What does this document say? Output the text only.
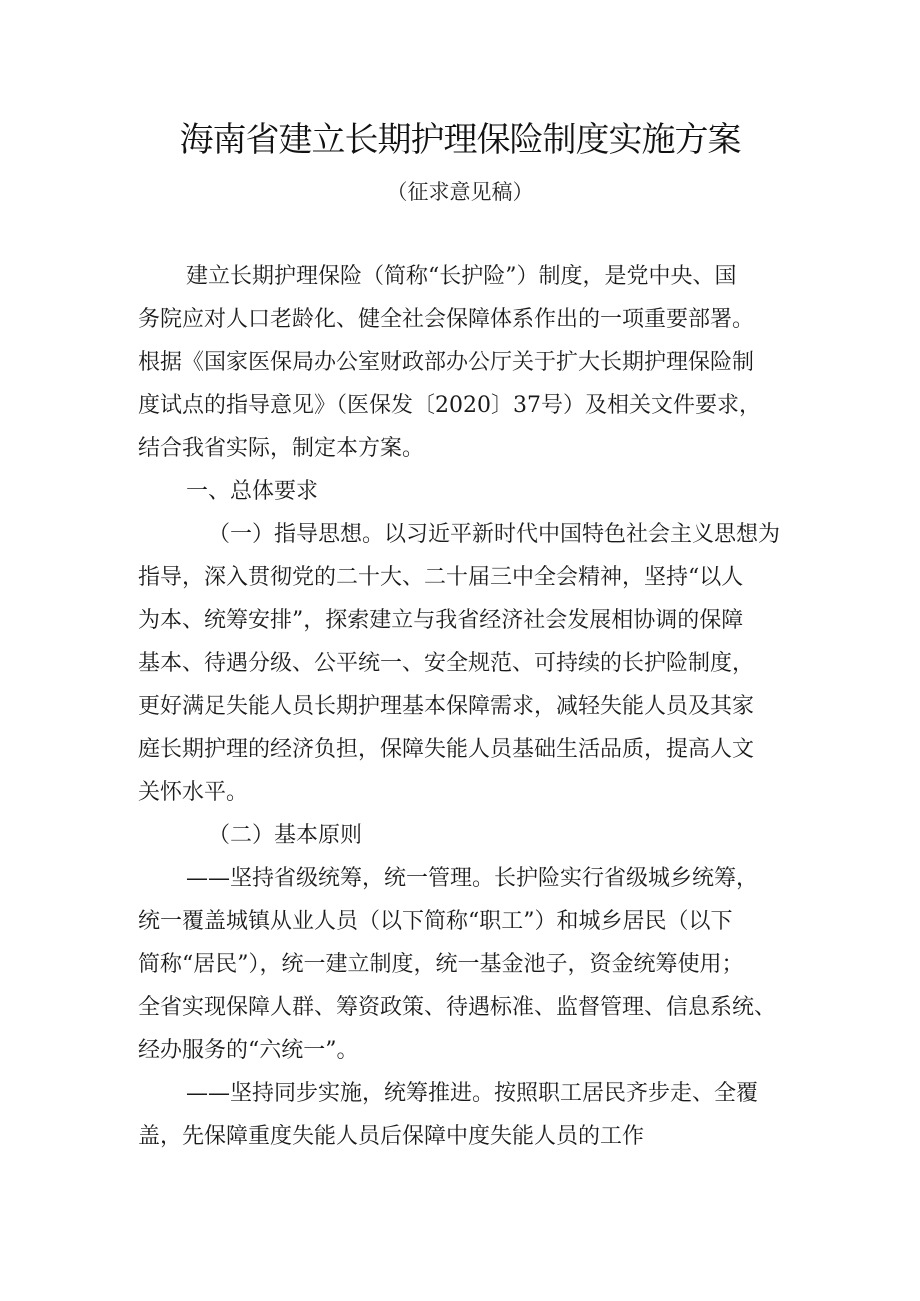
海南省建立长期护理保险制度实施方案
（征求意见稿）
建立长期护理保险（简称“长护险”）制度，是党中央、国
务院应对人口老龄化、健全社会保障体系作出的一项重要部署。
根据《国家医保局办公室财政部办公厅关于扩大长期护理保险制
度试点的指导意见》（医保发〔2020〕37号）及相关文件要求，
结合我省实际，制定本方案。
一、总体要求
（一）指导思想。以习近平新时代中国特色社会主义思想为
指导，深入贯彻党的二十大、二十届三中全会精神，坚持“以人
为本、统筹安排”，探索建立与我省经济社会发展相协调的保障
基本、待遇分级、公平统一、安全规范、可持续的长护险制度，
更好满足失能人员长期护理基本保障需求，减轻失能人员及其家
庭长期护理的经济负担，保障失能人员基础生活品质，提高人文
关怀水平。
（二）基本原则
——坚持省级统筹，统一管理。长护险实行省级城乡统筹，
统一覆盖城镇从业人员（以下简称“职工”）和城乡居民（以下
简称“居民”），统一建立制度，统一基金池子，资金统筹使用；
全省实现保障人群、筹资政策、待遇标准、监督管理、信息系统、
经办服务的“六统一”。
——坚持同步实施，统筹推进。按照职工居民齐步走、全覆
盖，先保障重度失能人员后保障中度失能人员的工作
